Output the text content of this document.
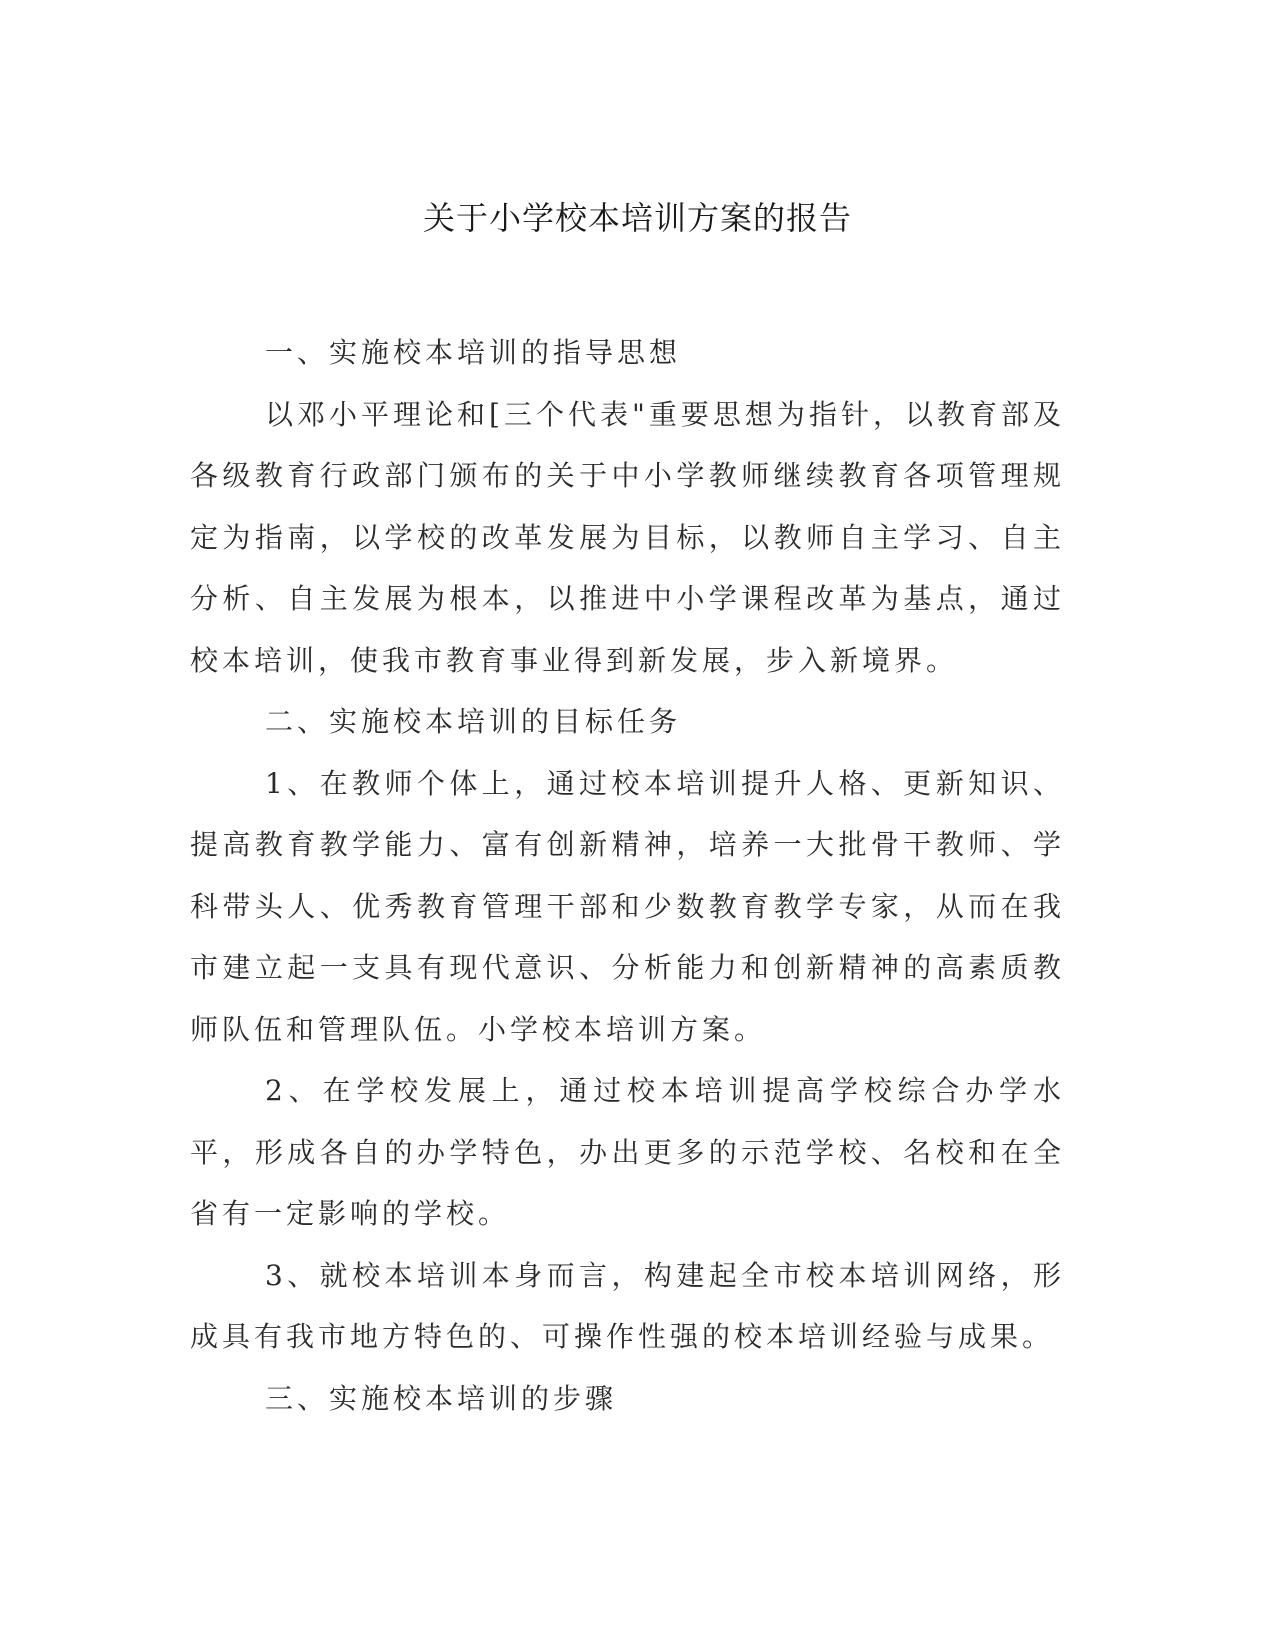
关于小学校本培训方案的报告

一、实施校本培训的指导思想

以邓小平理论和[三个代表"重要思想为指针，以教育部及各级教育行政部门颁布的关于中小学教师继续教育各项管理规定为指南，以学校的改革发展为目标，以教师自主学习、自主分析、自主发展为根本，以推进中小学课程改革为基点，通过校本培训，使我市教育事业得到新发展，步入新境界。

二、实施校本培训的目标任务

1、在教师个体上，通过校本培训提升人格、更新知识、提高教育教学能力、富有创新精神，培养一大批骨干教师、学科带头人、优秀教育管理干部和少数教育教学专家，从而在我市建立起一支具有现代意识、分析能力和创新精神的高素质教师队伍和管理队伍。小学校本培训方案。

2、在学校发展上，通过校本培训提高学校综合办学水平，形成各自的办学特色，办出更多的示范学校、名校和在全省有一定影响的学校。

3、就校本培训本身而言，构建起全市校本培训网络，形成具有我市地方特色的、可操作性强的校本培训经验与成果。

三、实施校本培训的步骤
